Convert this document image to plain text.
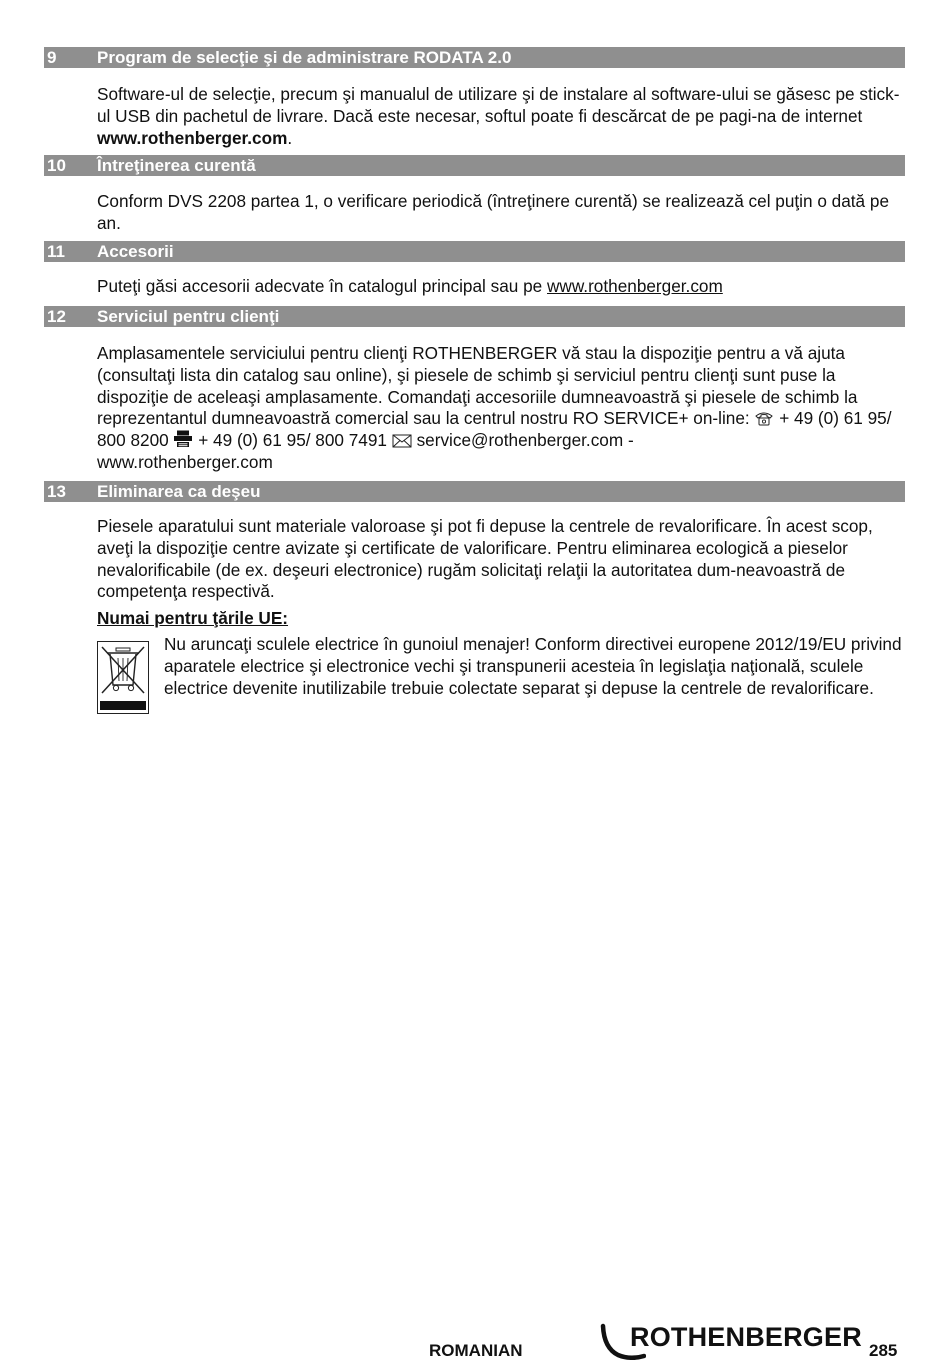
9 Program de selecţie şi de administrare RODATA 2.0

Software-ul de selecţie, precum şi manualul de utilizare şi de instalare al software-ului se găsesc pe stick-ul USB din pachetul de livrare. Dacă este necesar, softul poate fi descărcat de pe pagi-na de internet www.rothenberger.com.

10 Întreţinerea curentă

Conform DVS 2208 partea 1, o verificare periodică (întreţinere curentă) se realizează cel puţin o dată pe an.

11 Accesorii

Puteţi găsi accesorii adecvate în catalogul principal sau pe www.rothenberger.com

12 Serviciul pentru clienţi

Amplasamentele serviciului pentru clienţi ROTHENBERGER vă stau la dispoziţie pentru a vă ajuta (consultaţi lista din catalog sau online), şi piesele de schimb şi serviciul pentru clienţi sunt puse la dispoziţie de aceleaşi amplasamente. Comandaţi accesoriile dumneavoastră şi piesele de schimb la reprezentantul dumneavoastră comercial sau la centrul nostru RO SERVICE+ on-line:  + 49 (0) 61 95/ 800 8200 + 49 (0) 61 95/ 800 7491 service@rothenberger.com -
www.rothenberger.com

13 Eliminarea ca deşeu

Piesele aparatului sunt materiale valoroase şi pot fi depuse la centrele de revalorificare. În acest scop, aveţi la dispoziţie centre avizate şi certificate de valorificare. Pentru eliminarea ecologică a pieselor nevalorificabile (de ex. deşeuri electronice) rugăm solicitaţi relaţii la autoritatea dum-neavoastră de competenţa respectivă.

Numai pentru ţările UE:

Nu aruncaţi sculele electrice în gunoiul menajer! Conform directivei europene 2012/19/EU privind aparatele electrice şi electronice vechi şi transpunerii acesteia în legislaţia naţională, sculele electrice devenite inutilizabile trebuie colectate separat şi depuse la centrele de revalorificare.

ROMANIAN	ROTHENBERGER 285
